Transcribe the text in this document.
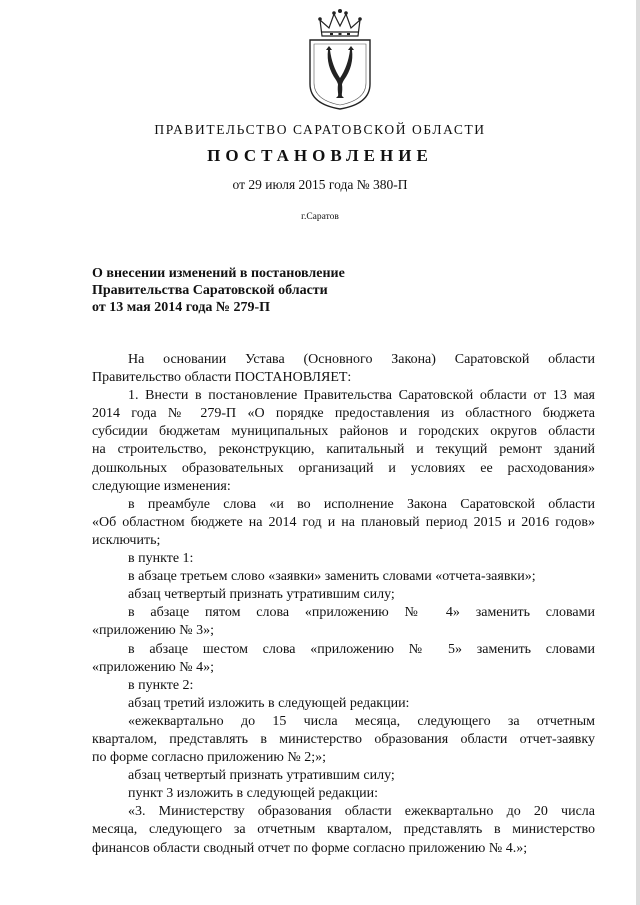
ПРАВИТЕЛЬСТВО САРАТОВСКОЙ ОБЛАСТИ
ПОСТАНОВЛЕНИЕ
от 29 июля 2015 года № 380-П
г.Саратов
О внесении изменений в постановление
Правительства Саратовской области
от 13 мая 2014 года № 279-П
На основании Устава (Основного Закона) Саратовской области
Правительство области ПОСТАНОВЛЯЕТ:
1. Внести в постановление Правительства Саратовской области от 13 мая
2014 года № 279-П «О порядке предоставления из областного бюджета
субсидии бюджетам муниципальных районов и городских округов области
на строительство, реконструкцию, капитальный и текущий ремонт зданий
дошкольных образовательных организаций и условиях ее расходования»
следующие изменения:
в преамбуле слова «и во исполнение Закона Саратовской области
«Об областном бюджете на 2014 год и на плановый период 2015 и 2016 годов»
исключить;
в пункте 1:
в абзаце третьем слово «заявки» заменить словами «отчета-заявки»;
абзац четвертый признать утратившим силу;
в абзаце пятом слова «приложению № 4» заменить словами
«приложению № 3»;
в абзаце шестом слова «приложению № 5» заменить словами
«приложению № 4»;
в пункте 2:
абзац третий изложить в следующей редакции:
«ежеквартально до 15 числа месяца, следующего за отчетным
кварталом, представлять в министерство образования области отчет-заявку
по форме согласно приложению № 2;»;
абзац четвертый признать утратившим силу;
пункт 3 изложить в следующей редакции:
«3. Министерству образования области ежеквартально до 20 числа
месяца, следующего за отчетным кварталом, представлять в министерство
финансов области сводный отчет по форме согласно приложению № 4.»;
